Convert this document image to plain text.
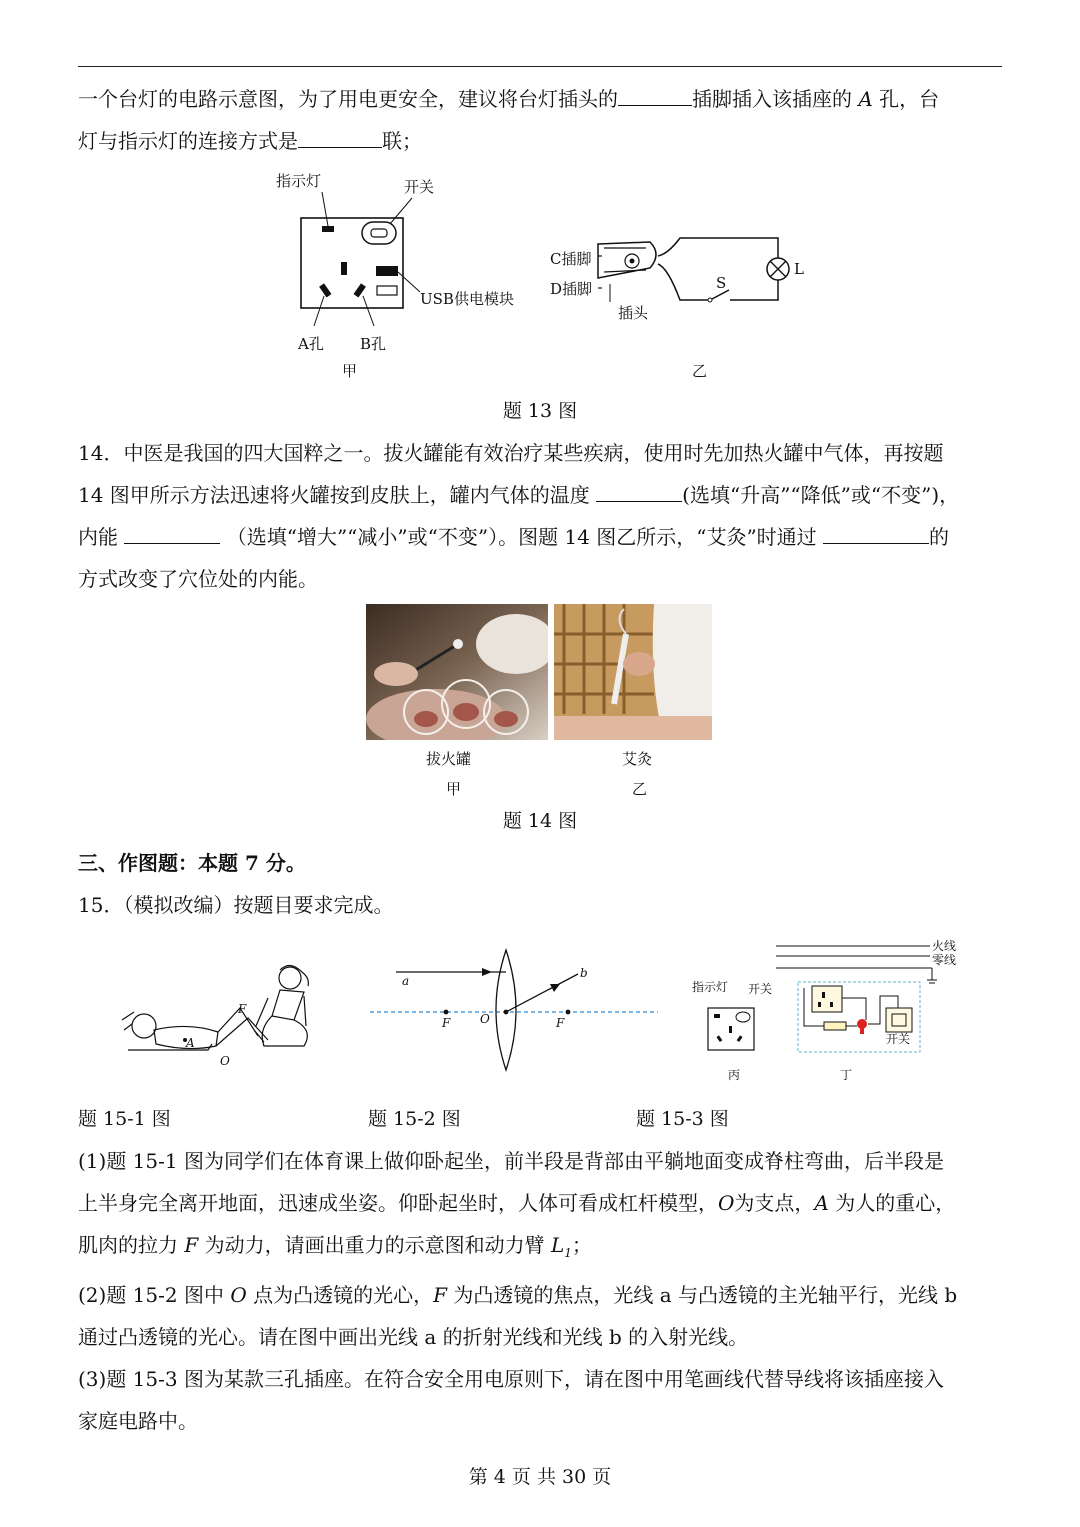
一个台灯的电路示意图，为了用电更安全，建议将台灯插头的	插脚插入该插座的 A 孔，台

灯与指示灯的连接方式是	联；

指示灯	开关
USB供电模块
A孔 B孔
甲
C插脚
D插脚
插头
S
L
乙
题 13 图

14．中医是我国的四大国粹之一。拔火罐能有效治疗某些疾病，使用时先加热火罐中气体，再按题

14 图甲所示方法迅速将火罐按到皮肤上，罐内气体的温度	(选填“升高”“降低”或“不变”)，

内能	（选填“增大”“减小”或“不变”）。图题 14 图乙所示，“艾灸”时通过	的

方式改变了穴位处的内能。

拔火罐	艾灸
甲	乙
题 14 图
三、作图题：本题 7 分。
15．（模拟改编）按题目要求完成。
F
A
O
题 15-1 图
a
b
F O	F
题 15-2 图
火线
零线
指示灯 开关
开关
丙	丁
题 15-3 图

(1)题 15-1 图为同学们在体育课上做仰卧起坐，前半段是背部由平躺地面变成脊柱弯曲，后半段是

上半身完全离开地面，迅速成坐姿。仰卧起坐时，人体可看成杠杆模型，O为支点，A 为人的重心，

肌肉的拉力 F 为动力，请画出重力的示意图和动力臂 $L_1$；

(2)题 15-2 图中 O 点为凸透镜的光心，F 为凸透镜的焦点，光线 a 与凸透镜的主光轴平行，光线 b

通过凸透镜的光心。请在图中画出光线 a 的折射光线和光线 b 的入射光线。

(3)题 15-3 图为某款三孔插座。在符合安全用电原则下，请在图中用笔画线代替导线将该插座接入

家庭电路中。

第 4 页 共 30 页
